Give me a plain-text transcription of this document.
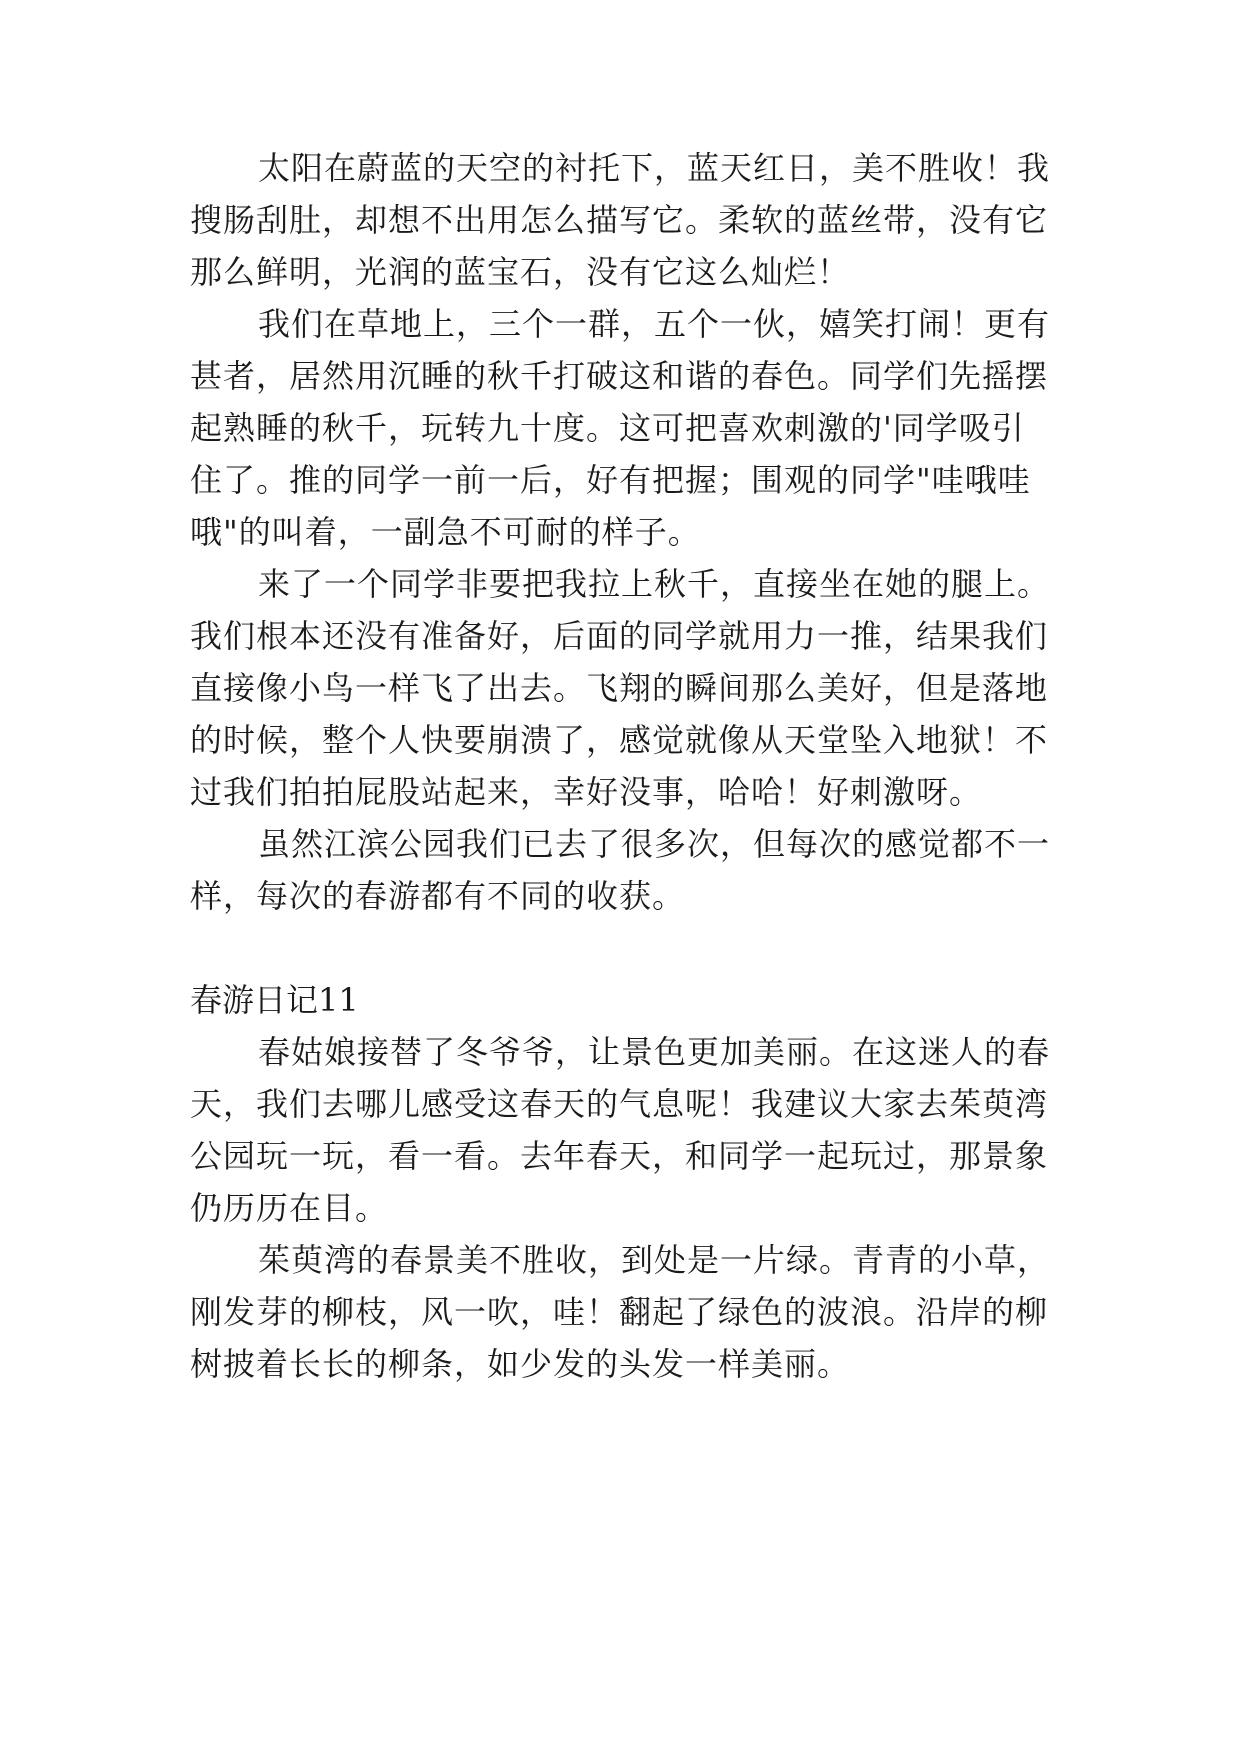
太阳在蔚蓝的天空的衬托下，蓝天红日，美不胜收！我
搜肠刮肚，却想不出用怎么描写它。柔软的蓝丝带，没有它
那么鲜明，光润的蓝宝石，没有它这么灿烂！
我们在草地上，三个一群，五个一伙，嬉笑打闹！更有
甚者，居然用沉睡的秋千打破这和谐的春色。同学们先摇摆
起熟睡的秋千，玩转九十度。这可把喜欢刺激的'同学吸引
住了。推的同学一前一后，好有把握；围观的同学"哇哦哇
哦"的叫着，一副急不可耐的样子。
来了一个同学非要把我拉上秋千，直接坐在她的腿上。
我们根本还没有准备好，后面的同学就用力一推，结果我们
直接像小鸟一样飞了出去。飞翔的瞬间那么美好，但是落地
的时候，整个人快要崩溃了，感觉就像从天堂坠入地狱！不
过我们拍拍屁股站起来，幸好没事，哈哈！好刺激呀。
虽然江滨公园我们已去了很多次，但每次的感觉都不一
样，每次的春游都有不同的收获。
春游日记11
春姑娘接替了冬爷爷，让景色更加美丽。在这迷人的春
天，我们去哪儿感受这春天的气息呢！我建议大家去茱萸湾
公园玩一玩，看一看。去年春天，和同学一起玩过，那景象
仍历历在目。
茱萸湾的春景美不胜收，到处是一片绿。青青的小草，
刚发芽的柳枝，风一吹，哇！翻起了绿色的波浪。沿岸的柳
树披着长长的柳条，如少发的头发一样美丽。
